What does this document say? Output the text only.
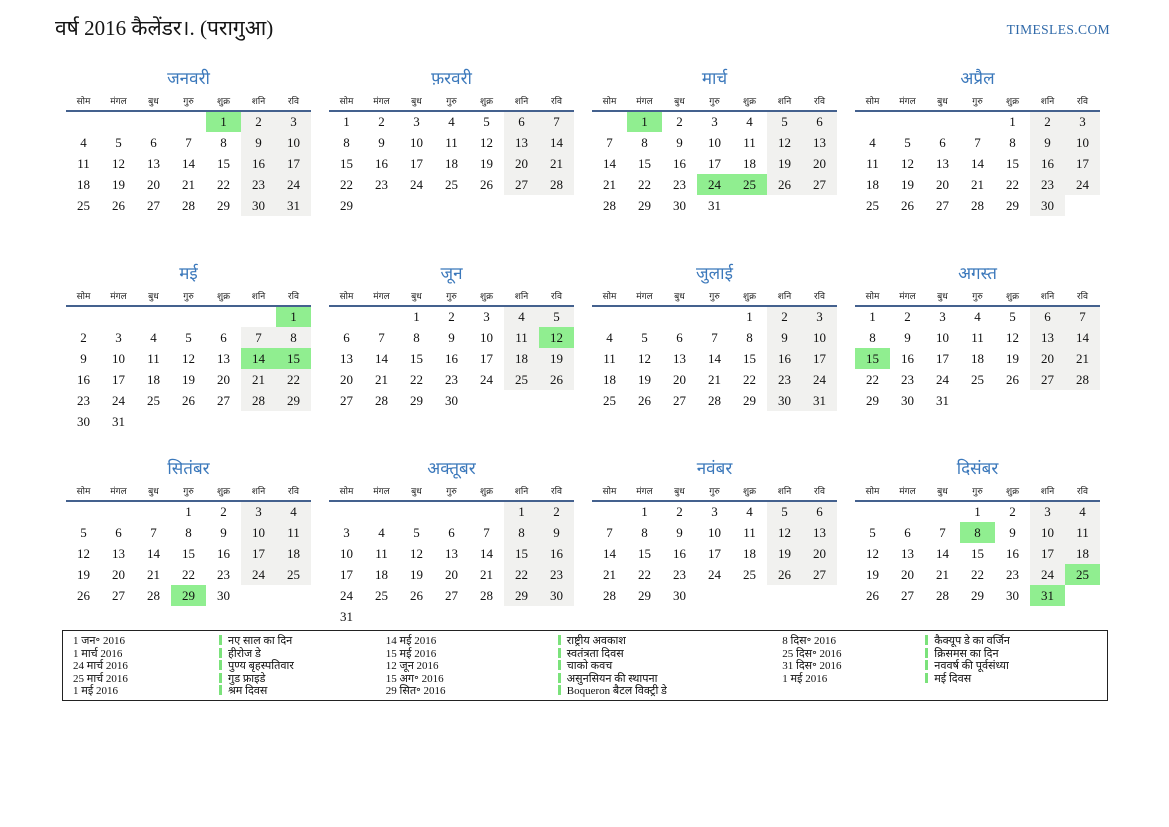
वर्ष 2016 कैलेंडर।. (परागुआ)	TIMESLES.COM
जनवरी
सोम	मंगल	बुध	गुरु	शुक्र	शनि	रवि
				1	2	3
4	5	6	7	8	9	10
11	12	13	14	15	16	17
18	19	20	21	22	23	24
25	26	27	28	29	30	31
फ़रवरी
सोम	मंगल	बुध	गुरु	शुक्र	शनि	रवि
1	2	3	4	5	6	7
8	9	10	11	12	13	14
15	16	17	18	19	20	21
22	23	24	25	26	27	28
29						
मार्च
सोम	मंगल	बुध	गुरु	शुक्र	शनि	रवि
	1	2	3	4	5	6
7	8	9	10	11	12	13
14	15	16	17	18	19	20
21	22	23	24	25	26	27
28	29	30	31			
अप्रैल
सोम	मंगल	बुध	गुरु	शुक्र	शनि	रवि
				1	2	3
4	5	6	7	8	9	10
11	12	13	14	15	16	17
18	19	20	21	22	23	24
25	26	27	28	29	30	
मई
सोम	मंगल	बुध	गुरु	शुक्र	शनि	रवि
						1
2	3	4	5	6	7	8
9	10	11	12	13	14	15
16	17	18	19	20	21	22
23	24	25	26	27	28	29
30	31					
जून
सोम	मंगल	बुध	गुरु	शुक्र	शनि	रवि
		1	2	3	4	5
6	7	8	9	10	11	12
13	14	15	16	17	18	19
20	21	22	23	24	25	26
27	28	29	30			
जुलाई
सोम	मंगल	बुध	गुरु	शुक्र	शनि	रवि
				1	2	3
4	5	6	7	8	9	10
11	12	13	14	15	16	17
18	19	20	21	22	23	24
25	26	27	28	29	30	31
अगस्त
सोम	मंगल	बुध	गुरु	शुक्र	शनि	रवि
1	2	3	4	5	6	7
8	9	10	11	12	13	14
15	16	17	18	19	20	21
22	23	24	25	26	27	28
29	30	31				
सितंबर
सोम	मंगल	बुध	गुरु	शुक्र	शनि	रवि
			1	2	3	4
5	6	7	8	9	10	11
12	13	14	15	16	17	18
19	20	21	22	23	24	25
26	27	28	29	30		
अक्तूबर
सोम	मंगल	बुध	गुरु	शुक्र	शनि	रवि
					1	2
3	4	5	6	7	8	9
10	11	12	13	14	15	16
17	18	19	20	21	22	23
24	25	26	27	28	29	30
31						
नवंबर
सोम	मंगल	बुध	गुरु	शुक्र	शनि	रवि
	1	2	3	4	5	6
7	8	9	10	11	12	13
14	15	16	17	18	19	20
21	22	23	24	25	26	27
28	29	30				
दिसंबर
सोम	मंगल	बुध	गुरु	शुक्र	शनि	रवि
			1	2	3	4
5	6	7	8	9	10	11
12	13	14	15	16	17	18
19	20	21	22	23	24	25
26	27	28	29	30	31	
1 जन॰ 2016	नए साल का दिन
1 मार्च 2016	हीरोज डे
24 मार्च 2016	पुण्य बृहस्पतिवार
25 मार्च 2016	गुड फ्राइडे
1 मई 2016	श्रम दिवस
14 मई 2016	राष्ट्रीय अवकाश
15 मई 2016	स्वतंत्रता दिवस
12 जून 2016	चाको कवच
15 अग॰ 2016	असुनसियन की स्थापना
29 सित॰ 2016	Boqueron बैटल विक्ट्री डे
8 दिस॰ 2016	कैक्यूप डे का वर्जिन
25 दिस॰ 2016	क्रिसमस का दिन
31 दिस॰ 2016	नववर्ष की पूर्वसंध्या
1 मई 2016	मई दिवस
